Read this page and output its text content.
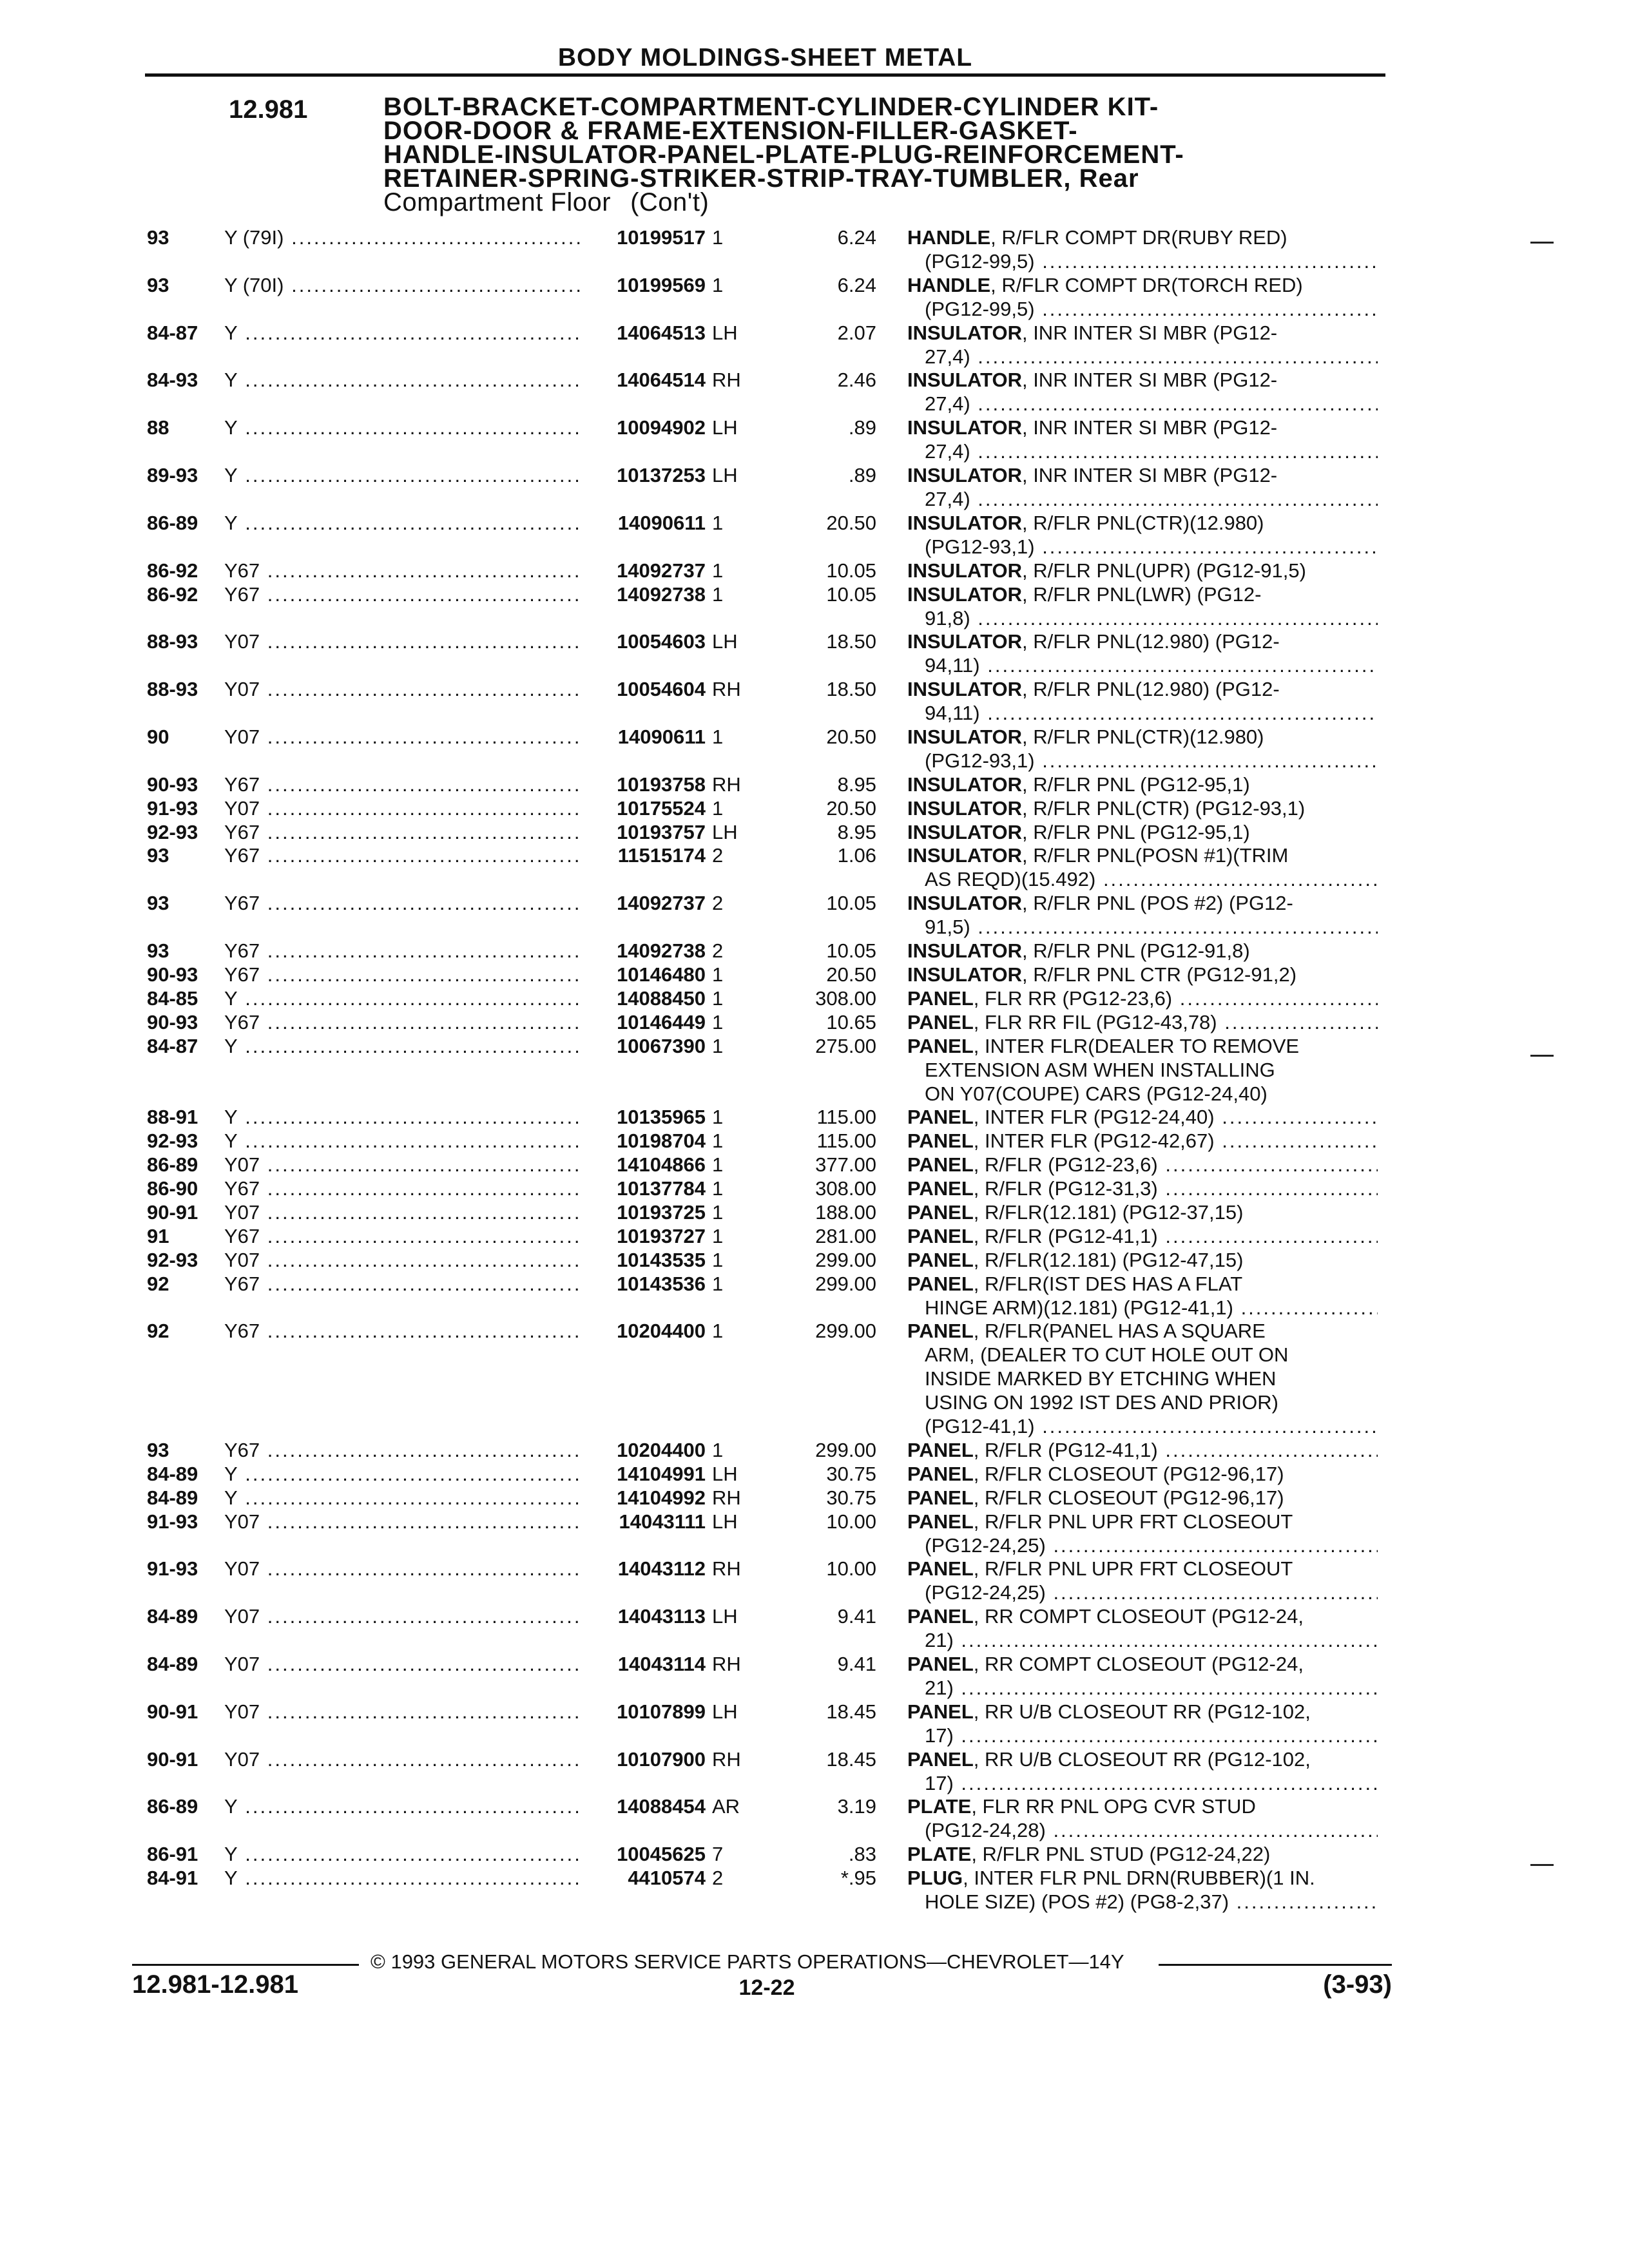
BODY MOLDINGS-SHEET METAL
12.981	BOLT-BRACKET-COMPARTMENT-CYLINDER-CYLINDER KIT-
DOOR-DOOR & FRAME-EXTENSION-FILLER-GASKET-
HANDLE-INSULATOR-PANEL-PLATE-PLUG-REINFORCEMENT-
RETAINER-SPRING-STRIKER-STRIP-TRAY-TUMBLER, Rear
Compartment Floor (Con't)
93	Y (79I) .....	10199517 1	6.24 HANDLE, R/FLR COMPT DR(RUBY RED)
(PG12-99,5) .....
93	Y (70I) .....	10199569 1	6.24 HANDLE, R/FLR COMPT DR(TORCH RED)
(PG12-99,5) .....
84-87 Y .....	14064513 LH	2.07 INSULATOR, INR INTER SI MBR (PG12-
27,4) .....
84-93 Y .....	14064514 RH	2.46 INSULATOR, INR INTER SI MBR (PG12-
27,4) .....
88	Y .....	10094902 LH	.89 INSULATOR, INR INTER SI MBR (PG12-
27,4) .....
89-93 Y .....	10137253 LH	.89 INSULATOR, INR INTER SI MBR (PG12-
27,4) .....
86-89 Y .....	14090611 1	20.50 INSULATOR, R/FLR PNL(CTR)(12.980)
(PG12-93,1) .....
86-92 Y67 .....	14092737 1	10.05 INSULATOR, R/FLR PNL(UPR) (PG12-91,5)
86-92 Y67 .....	14092738 1	10.05 INSULATOR, R/FLR PNL(LWR) (PG12-
91,8) .....
88-93 Y07 .....	10054603 LH	18.50 INSULATOR, R/FLR PNL(12.980) (PG12-
94,11) .....
88-93 Y07 .....	10054604 RH	18.50 INSULATOR, R/FLR PNL(12.980) (PG12-
94,11) .....
90	Y07 .....	14090611 1	20.50 INSULATOR, R/FLR PNL(CTR)(12.980)
(PG12-93,1) .....
90-93 Y67 .....	10193758 RH	8.95 INSULATOR, R/FLR PNL (PG12-95,1)
91-93 Y07 .....	10175524 1	20.50 INSULATOR, R/FLR PNL(CTR) (PG12-93,1)
92-93 Y67 .....	10193757 LH	8.95 INSULATOR, R/FLR PNL (PG12-95,1)
93	Y67 .....	11515174 2	1.06 INSULATOR, R/FLR PNL(POSN #1)(TRIM
AS REQD)(15.492) .....
93	Y67 .....	14092737 2	10.05 INSULATOR, R/FLR PNL (POS #2) (PG12-
91,5) .....
93	Y67 .....	14092738 2	10.05 INSULATOR, R/FLR PNL (PG12-91,8)
90-93 Y67 .....	10146480 1	20.50 INSULATOR, R/FLR PNL CTR (PG12-91,2)
84-85 Y .....	14088450 1	308.00 PANEL, FLR RR (PG12-23,6) .....
90-93 Y67 .....	10146449 1	10.65 PANEL, FLR RR FIL (PG12-43,78) .....
84-87 Y .....	10067390 1	275.00 PANEL, INTER FLR(DEALER TO REMOVE
EXTENSION ASM WHEN INSTALLING
ON Y07(COUPE) CARS (PG12-24,40)
88-91 Y .....	10135965 1	115.00 PANEL, INTER FLR (PG12-24,40) .....
92-93 Y .....	10198704 1	115.00 PANEL, INTER FLR (PG12-42,67) .....
86-89 Y07 .....	14104866 1	377.00 PANEL, R/FLR (PG12-23,6) .....
86-90 Y67 .....	10137784 1	308.00 PANEL, R/FLR (PG12-31,3) .....
90-91 Y07 .....	10193725 1	188.00 PANEL, R/FLR(12.181) (PG12-37,15)
91	Y67 .....	10193727 1	281.00 PANEL, R/FLR (PG12-41,1) .....
92-93 Y07 .....	10143535 1	299.00 PANEL, R/FLR(12.181) (PG12-47,15)
92	Y67 .....	10143536 1	299.00 PANEL, R/FLR(IST DES HAS A FLAT
HINGE ARM)(12.181) (PG12-41,1) .....
92	Y67 .....	10204400 1	299.00 PANEL, R/FLR(PANEL HAS A SQUARE
ARM, (DEALER TO CUT HOLE OUT ON
INSIDE MARKED BY ETCHING WHEN
USING ON 1992 IST DES AND PRIOR)
(PG12-41,1) .....
93	Y67 .....	10204400 1	299.00 PANEL, R/FLR (PG12-41,1) .....
84-89 Y .....	14104991 LH	30.75 PANEL, R/FLR CLOSEOUT (PG12-96,17)
84-89 Y .....	14104992 RH	30.75 PANEL, R/FLR CLOSEOUT (PG12-96,17)
91-93 Y07 .....	14043111 LH	10.00 PANEL, R/FLR PNL UPR FRT CLOSEOUT
(PG12-24,25) .....
91-93 Y07 .....	14043112 RH	10.00 PANEL, R/FLR PNL UPR FRT CLOSEOUT
(PG12-24,25) .....
84-89 Y07 .....	14043113 LH	9.41 PANEL, RR COMPT CLOSEOUT (PG12-24,
21) .....
84-89 Y07 .....	14043114 RH	9.41 PANEL, RR COMPT CLOSEOUT (PG12-24,
21) .....
90-91 Y07 .....	10107899 LH	18.45 PANEL, RR U/B CLOSEOUT RR (PG12-102,
17) .....
90-91 Y07 .....	10107900 RH	18.45 PANEL, RR U/B CLOSEOUT RR (PG12-102,
17) .....
86-89 Y .....	14088454 AR	3.19 PLATE, FLR RR PNL OPG CVR STUD
(PG12-24,28) .....
86-91 Y .....	10045625 7	.83 PLATE, R/FLR PNL STUD (PG12-24,22)
84-91 Y .....	4410574 2	*.95 PLUG, INTER FLR PNL DRN(RUBBER)(1 IN.
HOLE SIZE) (POS #2) (PG8-2,37) .....
© 1993 GENERAL MOTORS SERVICE PARTS OPERATIONS—CHEVROLET—14Y
12.981-12.981	12-22	(3-93)
